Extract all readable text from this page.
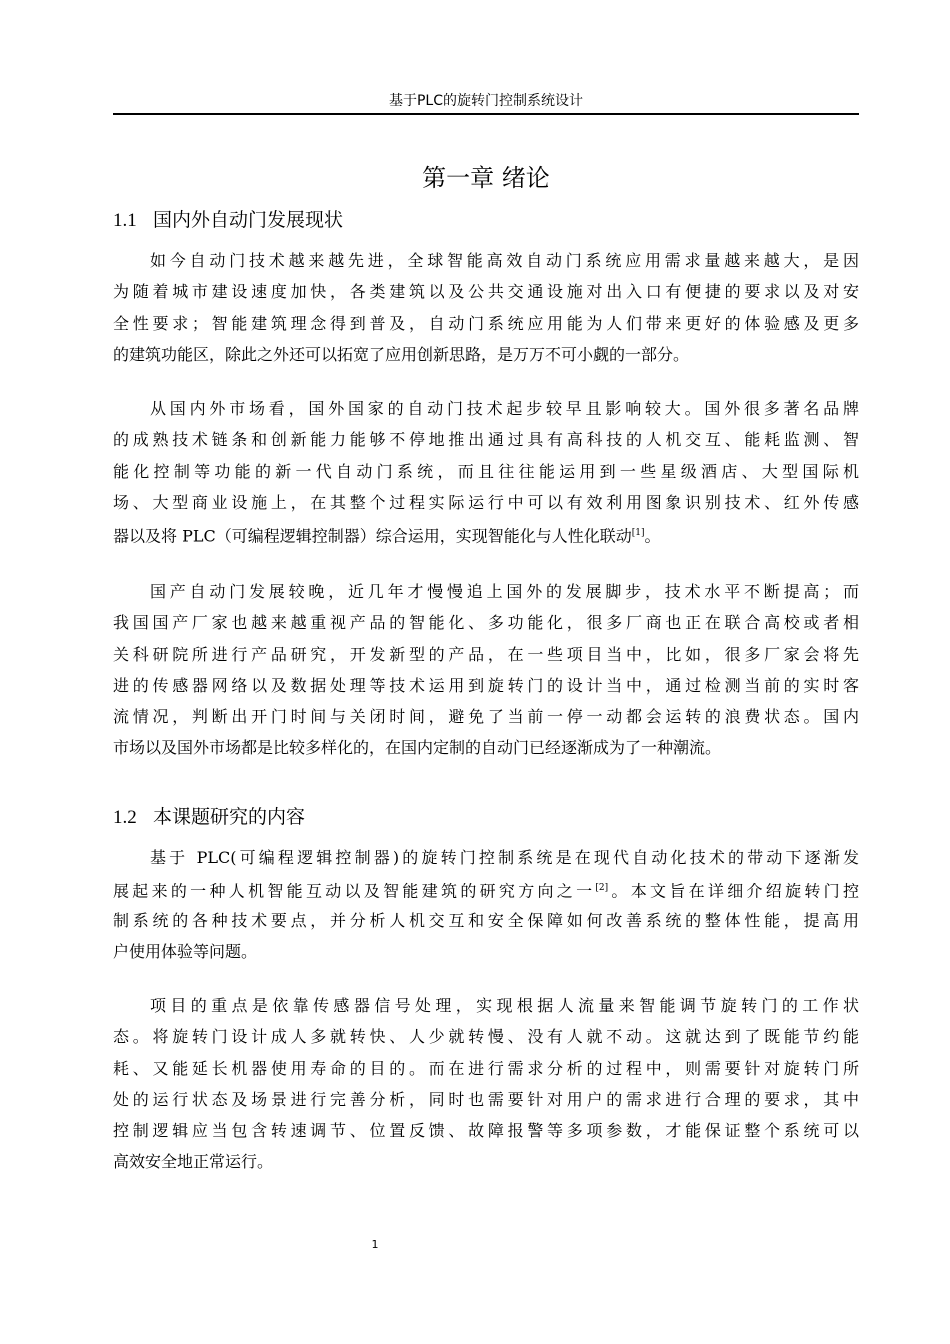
基于PLC的旋转门控制系统设计
第一章 绪论
1.1 国内外自动门发展现状
如今自动门技术越来越先进，全球智能高效自动门系统应用需求量越来越大，是因
为随着城市建设速度加快，各类建筑以及公共交通设施对出入口有便捷的要求以及对安
全性要求；智能建筑理念得到普及，自动门系统应用能为人们带来更好的体验感及更多
的建筑功能区，除此之外还可以拓宽了应用创新思路，是万万不可小觑的一部分。
从国内外市场看，国外国家的自动门技术起步较早且影响较大。国外很多著名品牌
的成熟技术链条和创新能力能够不停地推出通过具有高科技的人机交互、能耗监测、智
能化控制等功能的新一代自动门系统，而且往往能运用到一些星级酒店、大型国际机
场、大型商业设施上，在其整个过程实际运行中可以有效利用图象识别技术、红外传感
器以及将 PLC（可编程逻辑控制器）综合运用，实现智能化与人性化联动[1]。
国产自动门发展较晚，近几年才慢慢追上国外的发展脚步，技术水平不断提高；而
我国国产厂家也越来越重视产品的智能化、多功能化，很多厂商也正在联合高校或者相
关科研院所进行产品研究，开发新型的产品，在一些项目当中，比如，很多厂家会将先
进的传感器网络以及数据处理等技术运用到旋转门的设计当中，通过检测当前的实时客
流情况，判断出开门时间与关闭时间，避免了当前一停一动都会运转的浪费状态。国内
市场以及国外市场都是比较多样化的，在国内定制的自动门已经逐渐成为了一种潮流。
1.2 本课题研究的内容
基于 PLC(可编程逻辑控制器)的旋转门控制系统是在现代自动化技术的带动下逐渐发
展起来的一种人机智能互动以及智能建筑的研究方向之一[2]。本文旨在详细介绍旋转门控
制系统的各种技术要点，并分析人机交互和安全保障如何改善系统的整体性能，提高用
户使用体验等问题。
项目的重点是依靠传感器信号处理，实现根据人流量来智能调节旋转门的工作状
态。将旋转门设计成人多就转快、人少就转慢、没有人就不动。这就达到了既能节约能
耗、又能延长机器使用寿命的目的。而在进行需求分析的过程中，则需要针对旋转门所
处的运行状态及场景进行完善分析，同时也需要针对用户的需求进行合理的要求，其中
控制逻辑应当包含转速调节、位置反馈、故障报警等多项参数，才能保证整个系统可以
高效安全地正常运行。
1
